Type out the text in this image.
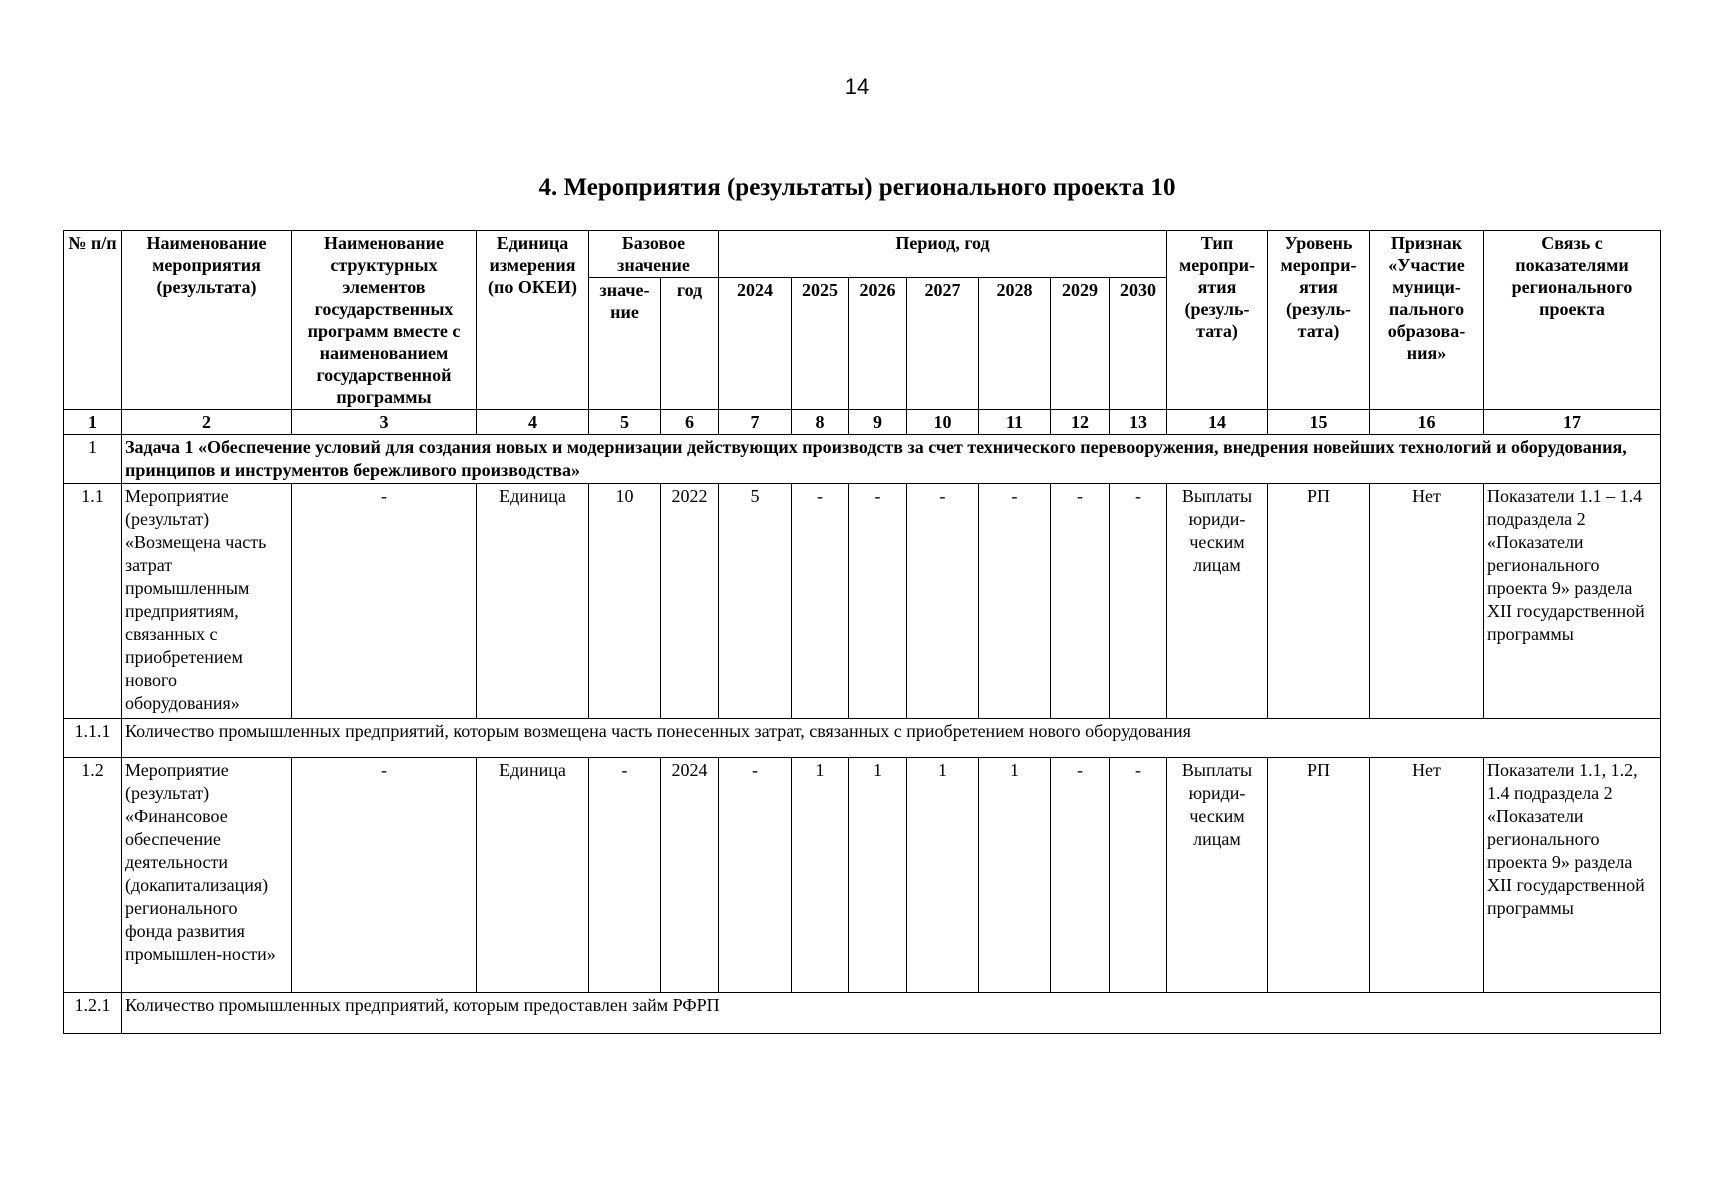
14
4. Мероприятия (результаты) регионального проекта 10
№ п/п	Наименование мероприятия (результата)	Наименование структурных элементов государственных программ вместе с наименованием государственной программы	Единица измерения (по ОКЕИ)	Базовое значение		Период, год							Тип меропри-ятия (резуль-тата)	Уровень меропри-ятия (резуль-тата)	Признак «Участие муници-пального образова-ния»	Связь с показателями регионального проекта
				значе-ние	год	2024	2025	2026	2027	2028	2029	2030				
1	2	3	4	5	6	7	8	9	10	11	12	13	14	15	16	17
1	Задача 1 «Обеспечение условий для создания новых и модернизации действующих производств за счет технического перевооружения, внедрения новейших технологий и оборудования, принципов и инструментов бережливого производства»															
1.1	Мероприятие (результат) «Возмещена часть затрат промышленным предприятиям, связанных с приобретением нового оборудования»	-	Единица	10	2022	5	-	-	-	-	-	-	Выплаты юриди-ческим лицам	РП	Нет	Показатели 1.1 – 1.4 подраздела 2 «Показатели регионального проекта 9» раздела XII государственной программы
1.1.1	Количество промышленных предприятий, которым возмещена часть понесенных затрат, связанных с приобретением нового оборудования															
1.2	Мероприятие (результат) «Финансовое обеспечение деятельности (докапитализация) регионального фонда развития промышлен-ности»	-	Единица	-	2024	-	1	1	1	1	-	-	Выплаты юриди-ческим лицам	РП	Нет	Показатели 1.1, 1.2, 1.4 подраздела 2 «Показатели регионального проекта 9» раздела XII государственной программы
1.2.1	Количество промышленных предприятий, которым предоставлен займ РФРП															
